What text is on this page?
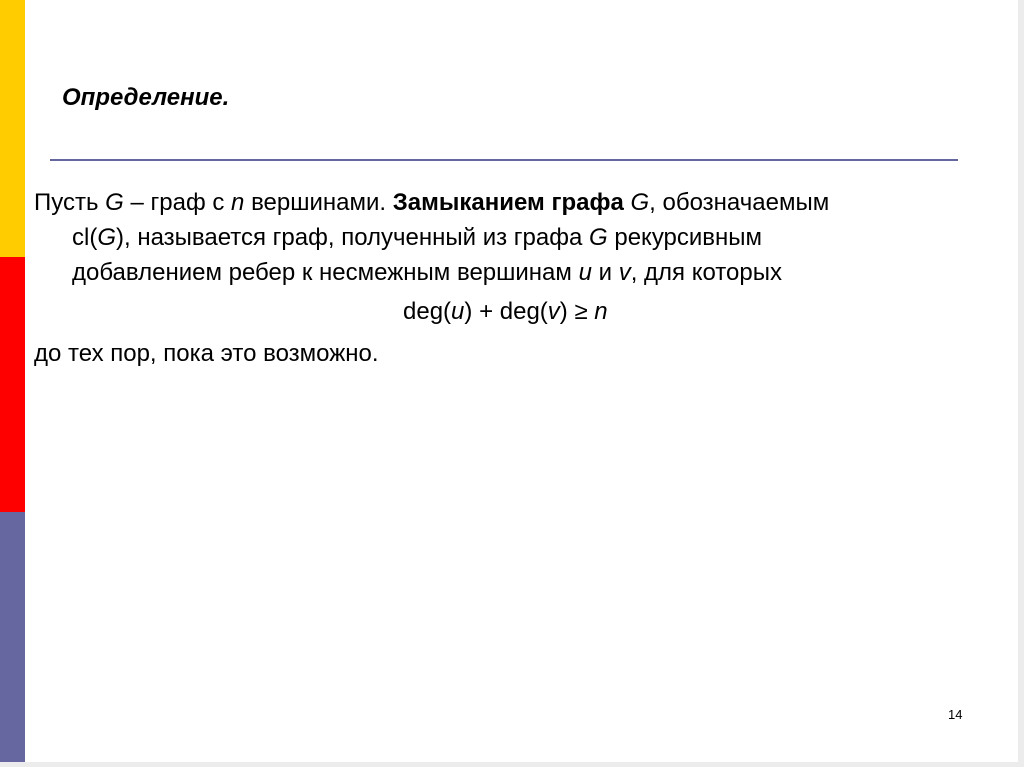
Определение.
Пусть G – граф с n вершинами. Замыканием графа G, обозначаемым
cl(G), называется граф, полученный из графа G рекурсивным
добавлением ребер к несмежным вершинам u и v, для которых
deg(u) + deg(v) ≥ n
до тех пор, пока это возможно.
14
